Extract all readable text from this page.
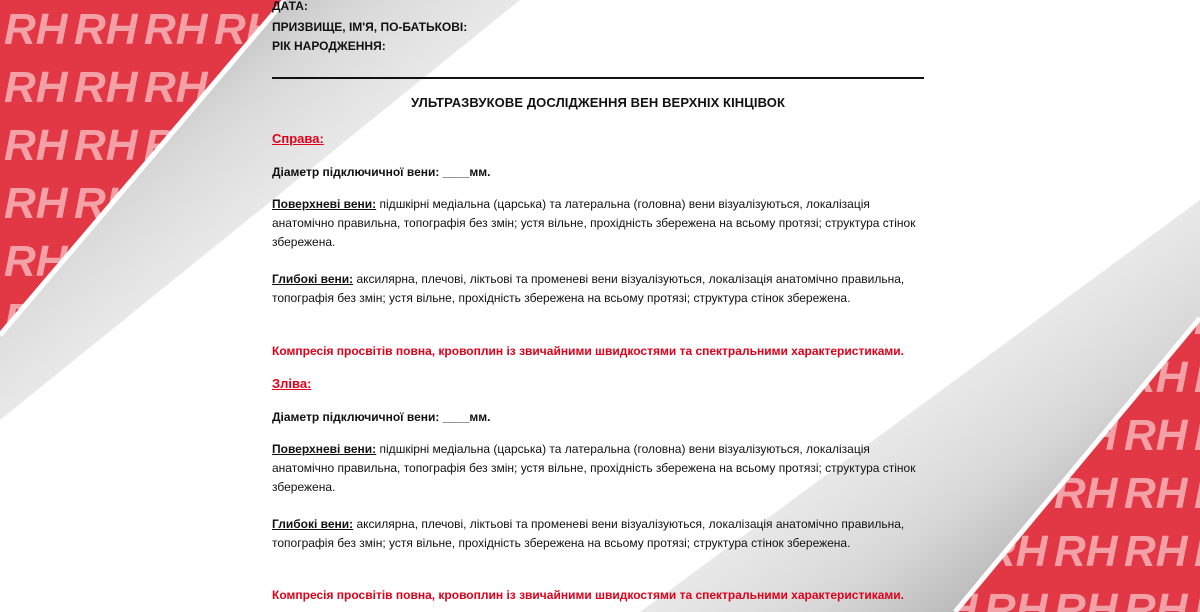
ДАТА:
ПРИЗВИЩЕ, ІМ'Я, ПО-БАТЬКОВІ:
РІК НАРОДЖЕННЯ:
УЛЬТРАЗВУКОВЕ ДОСЛІДЖЕННЯ ВЕН ВЕРХНІХ КІНЦІВОК
Справа:
Діаметр підключичної вени: ____мм.
Поверхневі вени: підшкірні медіальна (царська) та латеральна (головна) вени візуалізуються, локалізація анатомічно правильна, топографія без змін; устя вільне, прохідність збережена на всьому протязі; структура стінок збережена.
Глибокі вени: аксилярна, плечові, ліктьові та променеві вени візуалізуються, локалізація анатомічно правильна, топографія без змін; устя вільне, прохідність збережена на всьому протязі; структура стінок збережена.
Компресія просвітів повна, кровоплин із звичайними швидкостями та спектральними характеристиками.
Зліва:
Діаметр підключичної вени: ____мм.
Поверхневі вени: підшкірні медіальна (царська) та латеральна (головна) вени візуалізуються, локалізація анатомічно правильна, топографія без змін; устя вільне, прохідність збережена на всьому протязі; структура стінок збережена.
Глибокі вени: аксилярна, плечові, ліктьові та променеві вени візуалізуються, локалізація анатомічно правильна, топографія без змін; устя вільне, прохідність збережена на всьому протязі; структура стінок збережена.
Компресія просвітів повна, кровоплин із звичайними швидкостями та спектральними характеристиками.
